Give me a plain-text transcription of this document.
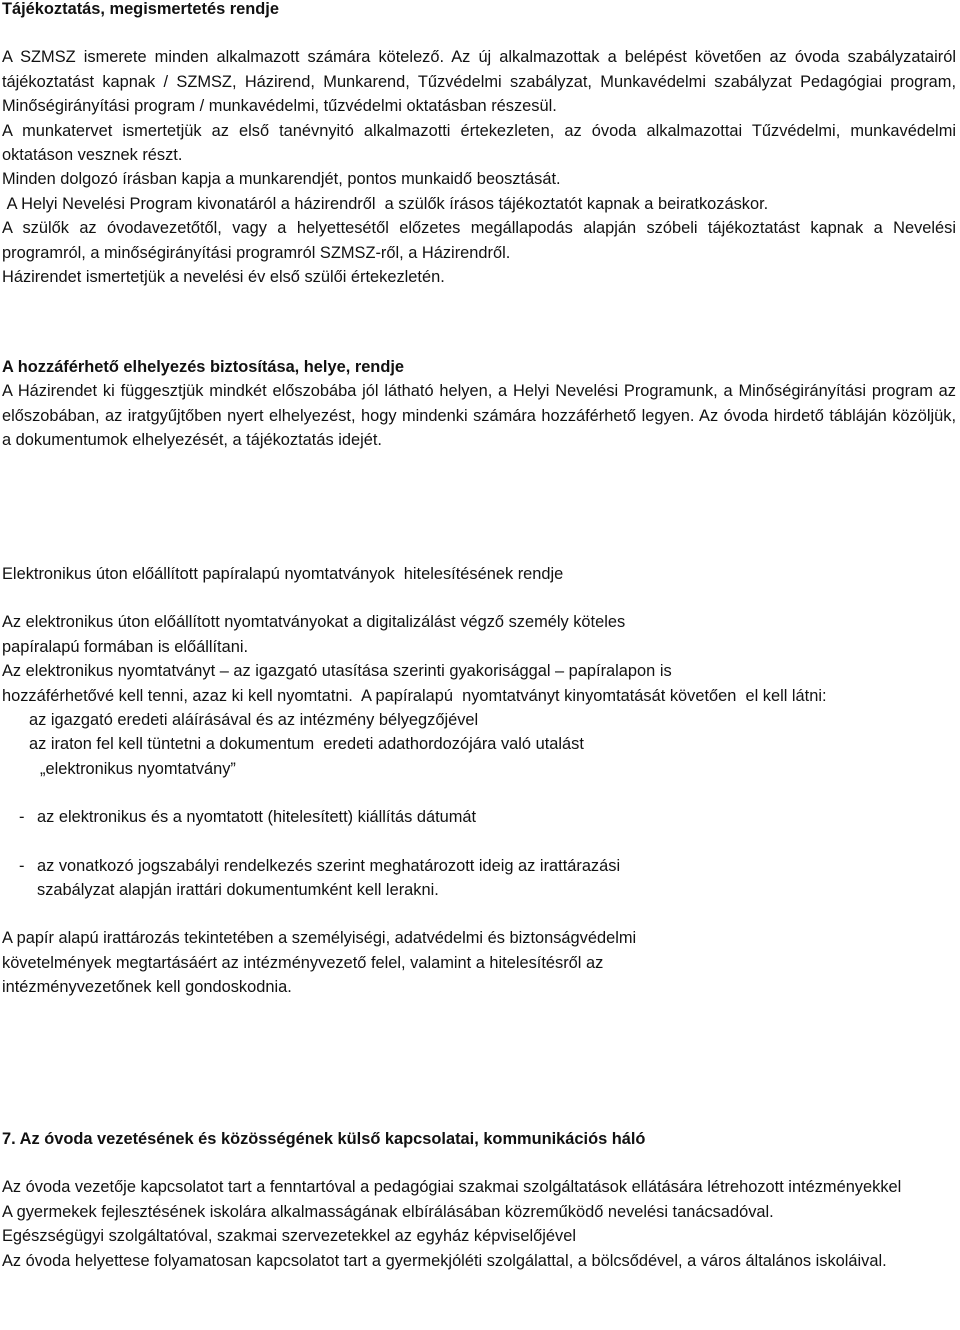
Tájékoztatás, megismertetés rendje

A SZMSZ ismerete minden alkalmazott számára kötelező. Az új alkalmazottak a belépést követően az óvoda szabályzatairól tájékoztatást kapnak / SZMSZ, Házirend, Munkarend, Tűzvédelmi szabályzat, Munkavédelmi szabályzat Pedagógiai program, Minőségirányítási program / munkavédelmi, tűzvédelmi oktatásban részesül.

A munkatervet ismertetjük az első tanévnyitó alkalmazotti értekezleten, az óvoda alkalmazottai Tűzvédelmi, munkavédelmi oktatáson vesznek részt.

Minden dolgozó írásban kapja a munkarendjét, pontos munkaidő beosztását.

A Helyi Nevelési Program kivonatáról a házirendről  a szülők írásos tájékoztatót kapnak a beiratkozáskor.

A szülők az óvodavezetőtől, vagy a helyettesétől előzetes megállapodás alapján szóbeli tájékoztatást kapnak a Nevelési programról, a minőségirányítási programról SZMSZ-ről, a Házirendről.

Házirendet ismertetjük a nevelési év első szülői értekezletén.

A hozzáférhető elhelyezés biztosítása, helye, rendje

A Házirendet ki függesztjük mindkét előszobába jól látható helyen, a Helyi Nevelési Programunk, a Minőségirányítási program az előszobában, az iratgyűjtőben nyert elhelyezést, hogy mindenki számára hozzáférhető legyen. Az óvoda hirdető tábláján közöljük, a dokumentumok elhelyezését, a tájékoztatás idejét.

Elektronikus úton előállított papíralapú nyomtatványok  hitelesítésének rendje

Az elektronikus úton előállított nyomtatványokat a digitalizálást végző személy köteles

papíralapú formában is előállítani.

Az elektronikus nyomtatványt – az igazgató utasítása szerinti gyakorisággal – papíralapon is

hozzáférhetővé kell tenni, azaz ki kell nyomtatni.  A papíralapú  nyomtatványt kinyomtatását követően  el kell látni:

az igazgató eredeti aláírásával és az intézmény bélyegzőjével

az iraton fel kell tüntetni a dokumentum  eredeti adathordozójára való utalást

„elektronikus nyomtatvány”

- az elektronikus és a nyomtatott (hitelesített) kiállítás dátumát
- az vonatkozó jogszabályi rendelkezés szerint meghatározott ideig az irattárazási
szabályzat alapján irattári dokumentumként kell lerakni.

A papír alapú irattározás tekintetében a személyiségi, adatvédelmi és biztonságvédelmi

követelmények megtartásáért az intézményvezető felel, valamint a hitelesítésről az

intézményvezetőnek kell gondoskodnia.

7. Az óvoda vezetésének és közösségének külső kapcsolatai, kommunikációs háló

Az óvoda vezetője kapcsolatot tart a fenntartóval a pedagógiai szakmai szolgáltatások ellátására létrehozott intézményekkel

A gyermekek fejlesztésének iskolára alkalmasságának elbírálásában közreműködő nevelési tanácsadóval.

Egészségügyi szolgáltatóval, szakmai szervezetekkel az egyház képviselőjével

Az óvoda helyettese folyamatosan kapcsolatot tart a gyermekjóléti szolgálattal, a bölcsődével, a város általános iskoláival.
